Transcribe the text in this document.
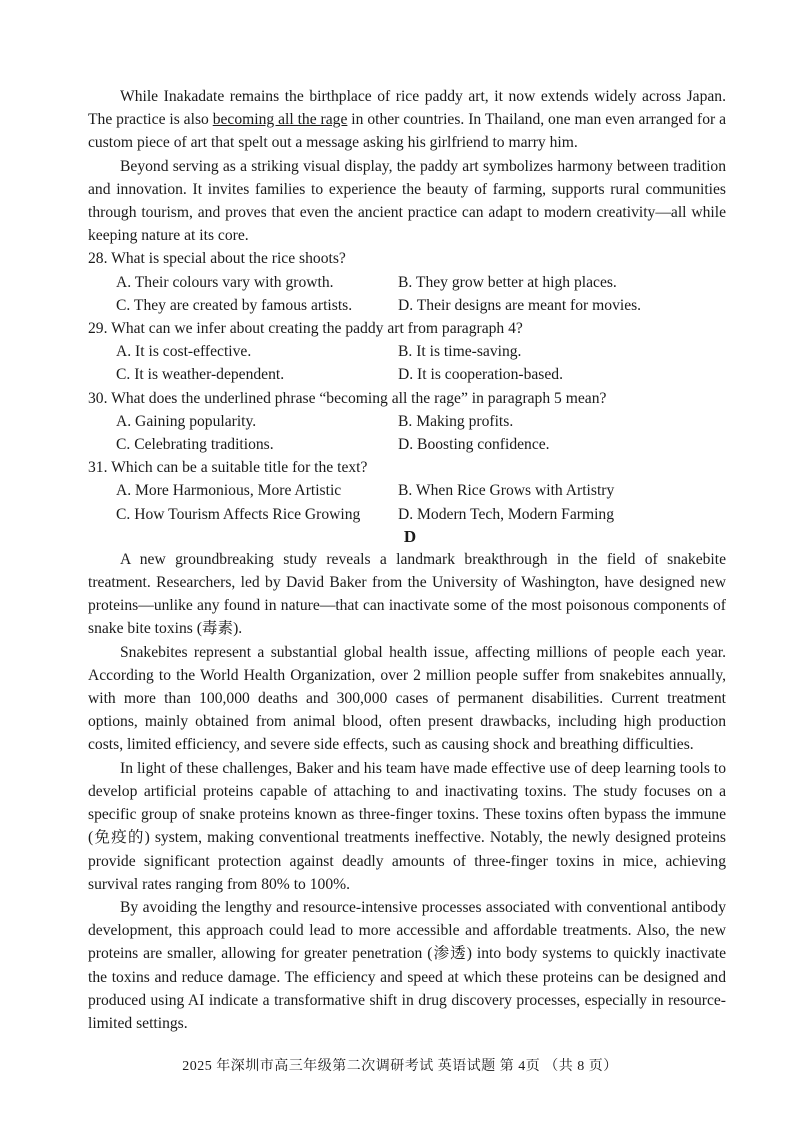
While Inakadate remains the birthplace of rice paddy art, it now extends widely across Japan. The practice is also becoming all the rage in other countries. In Thailand, one man even arranged for a custom piece of art that spelt out a message asking his girlfriend to marry him.

Beyond serving as a striking visual display, the paddy art symbolizes harmony between tradition and innovation. It invites families to experience the beauty of farming, supports rural communities through tourism, and proves that even the ancient practice can adapt to modern creativity—all while keeping nature at its core.

28. What is special about the rice shoots?
A. Their colours vary with growth.	B. They grow better at high places.
C. They are created by famous artists.	D. Their designs are meant for movies.
29. What can we infer about creating the paddy art from paragraph 4?
A. It is cost-effective.	B. It is time-saving.
C. It is weather-dependent.	D. It is cooperation-based.
30. What does the underlined phrase “becoming all the rage” in paragraph 5 mean?
A. Gaining popularity.	B. Making profits.
C. Celebrating traditions.	D. Boosting confidence.
31. Which can be a suitable title for the text?
A. More Harmonious, More Artistic	B. When Rice Grows with Artistry
C. How Tourism Affects Rice Growing	D. Modern Tech, Modern Farming
D

A new groundbreaking study reveals a landmark breakthrough in the field of snakebite treatment. Researchers, led by David Baker from the University of Washington, have designed new proteins—unlike any found in nature—that can inactivate some of the most poisonous components of snake bite toxins (毒素).

Snakebites represent a substantial global health issue, affecting millions of people each year. According to the World Health Organization, over 2 million people suffer from snakebites annually, with more than 100,000 deaths and 300,000 cases of permanent disabilities. Current treatment options, mainly obtained from animal blood, often present drawbacks, including high production costs, limited efficiency, and severe side effects, such as causing shock and breathing difficulties.

In light of these challenges, Baker and his team have made effective use of deep learning tools to develop artificial proteins capable of attaching to and inactivating toxins. The study focuses on a specific group of snake proteins known as three-finger toxins. These toxins often bypass the immune (免疫的) system, making conventional treatments ineffective. Notably, the newly designed proteins provide significant protection against deadly amounts of three-finger toxins in mice, achieving survival rates ranging from 80% to 100%.

By avoiding the lengthy and resource-intensive processes associated with conventional antibody development, this approach could lead to more accessible and affordable treatments. Also, the new proteins are smaller, allowing for greater penetration (渗透) into body systems to quickly inactivate the toxins and reduce damage. The efficiency and speed at which these proteins can be designed and produced using AI indicate a transformative shift in drug discovery processes, especially in resource-limited settings.

2025 年深圳市高三年级第二次调研考试 英语试题 第 4页 （共 8 页）
